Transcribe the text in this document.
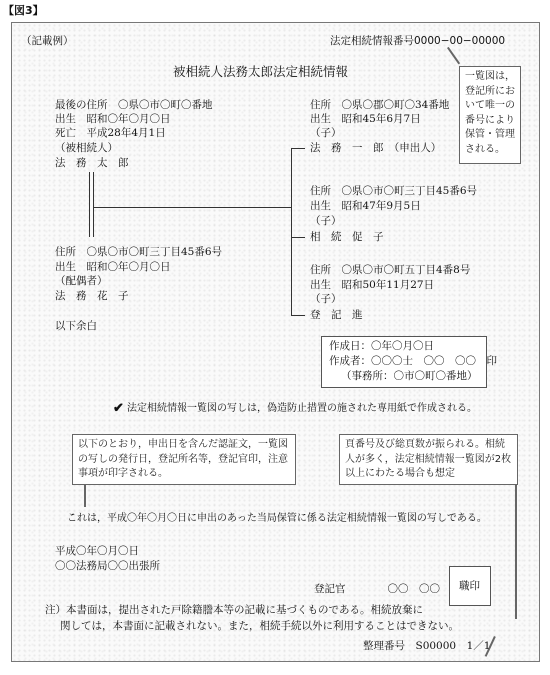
【図3】
（記載例）	法定相続情報番号0000−00−00000
被相続人法務太郎法定相続情報	一覧図は，登記所において唯一の番号により保管・管理される。
最後の住所　〇県〇市〇町〇番地
出生　昭和〇年〇月〇日
死亡　平成28年4月1日
（被相続人）
法　務　太　郎
住所　〇県〇市〇町三丁目45番6号
出生　昭和〇年〇月〇日
（配偶者）
法　務　花　子
以下余白
住所　〇県〇郡〇町〇34番地
出生　昭和45年6月7日
（子）
法　務　一　郎　（申出人）
住所　〇県〇市〇町三丁目45番6号
出生　昭和47年9月5日
（子）
相　続　促　子
住所　〇県〇市〇町五丁目4番8号
出生　昭和50年11月27日
（子）
登　記　進
作成日：〇年〇月〇日
作成者：〇〇〇士　〇〇　〇〇　印
（事務所：〇市〇町〇番地）
✔ 法定相続情報一覧図の写しは，偽造防止措置の施された専用紙で作成される。
以下のとおり，申出日を含んだ認証文，一覧図の写しの発行日，登記所名等，登記官印，注意事項が印字される。
頁番号及び総頁数が振られる。相続人が多く，法定相続情報一覧図が2枚以上にわたる場合も想定
これは，平成〇年〇月〇日に申出のあった当局保管に係る法定相続情報一覧図の写しである。
平成〇年〇月〇日
〇〇法務局〇〇出張所
登記官　　　　〇〇　〇〇 職印
注）本書面は，提出された戸除籍謄本等の記載に基づくものである。相続放棄に
関しては，本書面に記載されない。また，相続手続以外に利用することはできない。
整理番号　S00000　1／1
